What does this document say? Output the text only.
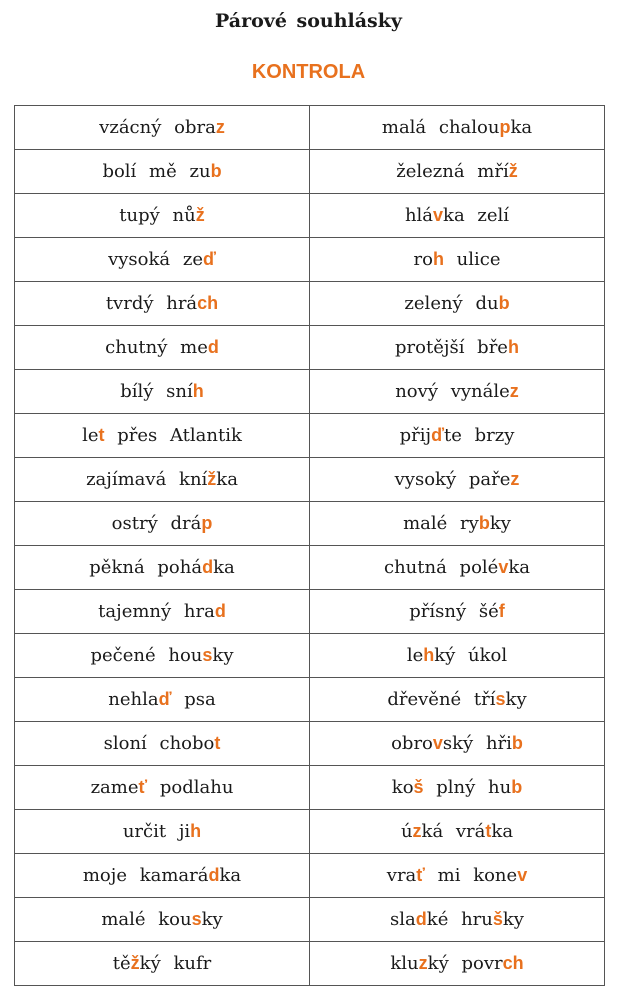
Párové souhlásky
KONTROLA
vzácný obraz	malá chaloupka
bolí mě zub	železná mříž
tupý nůž	hlávka zelí
vysoká zeď	roh ulice
tvrdý hrách	zelený dub
chutný med	protější břeh
bílý sníh	nový vynález
let přes Atlantik	přijďte brzy
zajímavá knížka	vysoký pařez
ostrý dráp	malé rybky
pěkná pohádka	chutná polévka
tajemný hrad	přísný šéf
pečené housky	lehký úkol
nehlaď psa	dřevěné třísky
sloní chobot	obrovský hřib
zameť podlahu	koš plný hub
určit jih	úzká vrátka
moje kamarádka	vrať mi konev
malé kousky	sladké hrušky
těžký kufr	kluzký povrch
